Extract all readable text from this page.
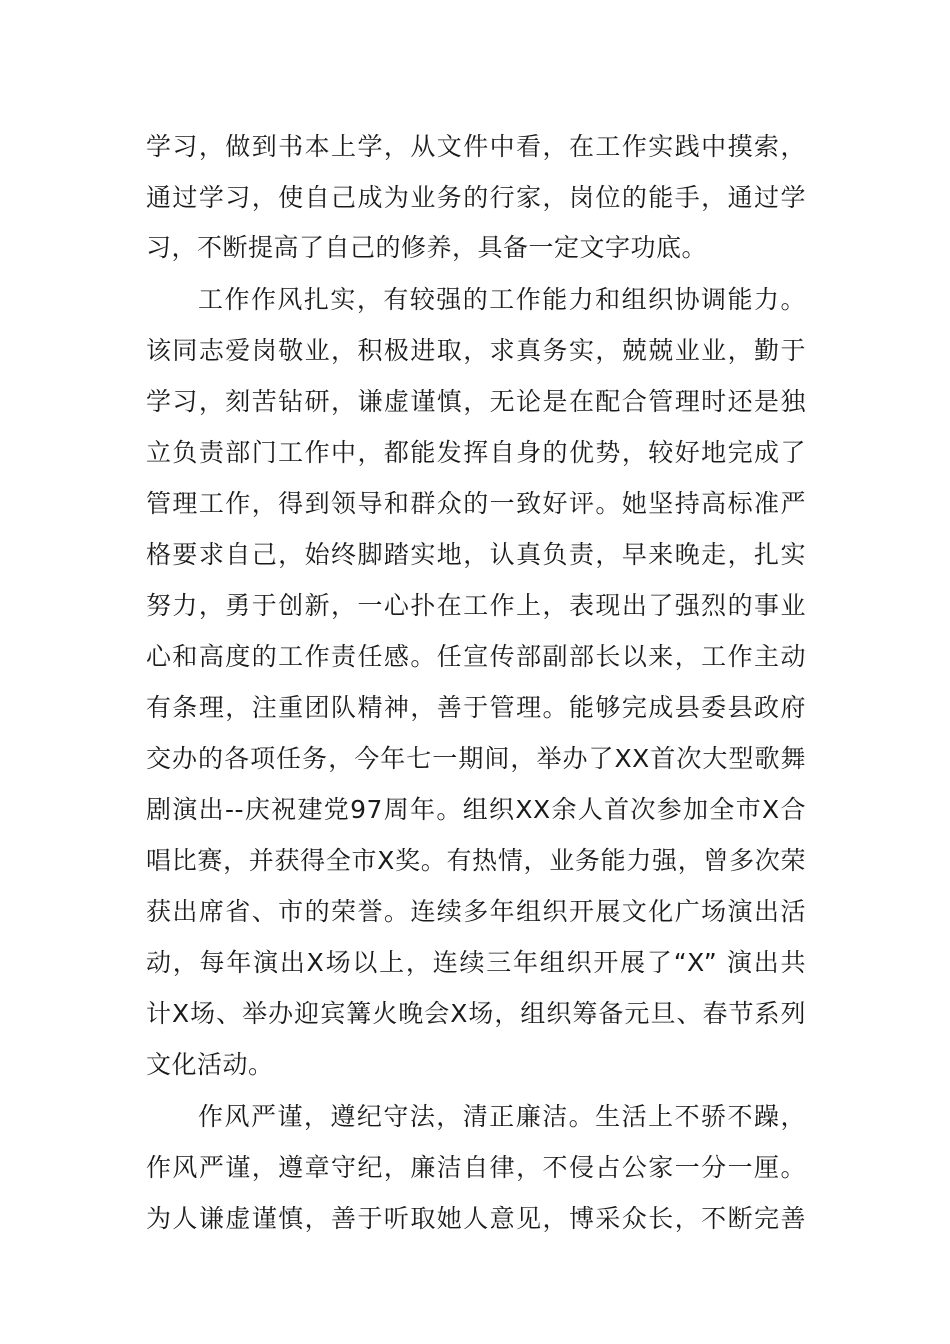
学习，做到书本上学，从文件中看，在工作实践中摸索，
通过学习，使自己成为业务的行家，岗位的能手，通过学
习，不断提高了自己的修养，具备一定文字功底。
工作作风扎实，有较强的工作能力和组织协调能力。
该同志爱岗敬业，积极进取，求真务实，兢兢业业，勤于
学习，刻苦钻研，谦虚谨慎，无论是在配合管理时还是独
立负责部门工作中，都能发挥自身的优势，较好地完成了
管理工作，得到领导和群众的一致好评。她坚持高标准严
格要求自己，始终脚踏实地，认真负责，早来晚走，扎实
努力，勇于创新，一心扑在工作上，表现出了强烈的事业
心和高度的工作责任感。任宣传部副部长以来，工作主动
有条理，注重团队精神，善于管理。能够完成县委县政府
交办的各项任务，今年七一期间，举办了XX首次大型歌舞
剧演出--庆祝建党97周年。组织XX余人首次参加全市X合
唱比赛，并获得全市X奖。有热情，业务能力强，曾多次荣
获出席省、市的荣誉。连续多年组织开展文化广场演出活
动，每年演出X场以上，连续三年组织开展了“X” 演出共
计X场、举办迎宾篝火晚会X场，组织筹备元旦、春节系列
文化活动。
作风严谨，遵纪守法，清正廉洁。生活上不骄不躁，
作风严谨，遵章守纪，廉洁自律，不侵占公家一分一厘。
为人谦虚谨慎，善于听取她人意见，博采众长，不断完善
